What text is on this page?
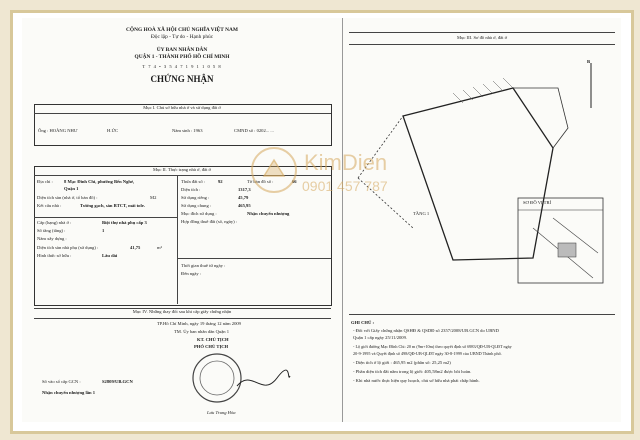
CỘNG HOÀ XÃ HỘI CHỦ NGHĨA VIỆT NAM
Độc lập - Tự do - Hạnh phúc
ỦY BAN NHÂN DÂN
QUẬN 1 - THÀNH PHỐ HỒ CHÍ MINH
T 7 4 • 3 5 4 7 1 9 1 1 0 5 8
CHỨNG NHẬN
Mục I. Chủ sở hữu nhà ở và sử dụng đất ở
Ông : HOÀNG NHƯ	H.ỨC	Năm sinh : 1963	CMND số : 0202... ...
Mục II. Thực trạng nhà ở, đất ở
Địa chỉ : 8 Mạc Đĩnh Chi, phường Bến Nghé,
Quận 1
Diện tích sàn (nhà ở, tổ bản đồ) :	M2
Kết cấu nhà :	Tường gạch, sàn BTCT, mái tole.
Cấp (hạng) nhà ở :	Biệt thự nhà phụ cấp 3
Số tầng (tầng) :	1
Năm xây dựng :
Diện tích sàn nhà phụ (sử dụng) :	41,75	m²
Hình thức sở hữu :	Lâu dài
Thửa đất số :	92	Tờ bản đồ số :	66
Diện tích :	1317,3
Sử dụng riêng :	45,79
Sử dụng chung :	465,95
Mục đích sử dụng :	Nhận chuyển nhượng
Hợp đồng thuê đất (số, ngày) :
Thời gian thuê từ ngày :
Đến ngày :
Mục IV. Những thay đổi sau khi cấp giấy chứng nhận
TP.Hồ Chí Minh, ngày 19 tháng 12 năm 2009
TM. Ủy ban nhân dân Quận 1
KT. CHỦ TỊCH
PHÓ CHỦ TỊCH
Lưu Trung Hòa
Số vào sổ cấp GCN :	S2809/UB.GCN
Nhận chuyển nhượng lần 1
Mục III. Sơ đồ nhà ở, đất ở
B
TẦNG 1
SƠ ĐỒ VỊ TRÍ
GHI CHÚ :
- Đối với Giấy chứng nhận QSHĐ & QSDĐ số 2357/2008/UB.GCN do UBND
Quận 1 cấp ngày 25/11/2009.
- Lộ giới đường Mạc Đĩnh Chi: 20 m (9m+10m) theo quyết định số 6983/QĐ-UB-QLĐT ngày
20-9-1995 và Quyết định số 498/QĐ-UB-QLĐT ngày 30-8-1999 của UBND Thành phố.
- Diện tích ở lộ giới : 465,95 m2 (phần số: 25,25 m2)
- Phần diện tích đất nằm trong lộ giới: 405,58m2 được bồi hoàn.
- Khi nhà nước thực hiện quy hoạch, chủ sở hữu nhà phải chấp hành.
KimDien
0901 457 787
